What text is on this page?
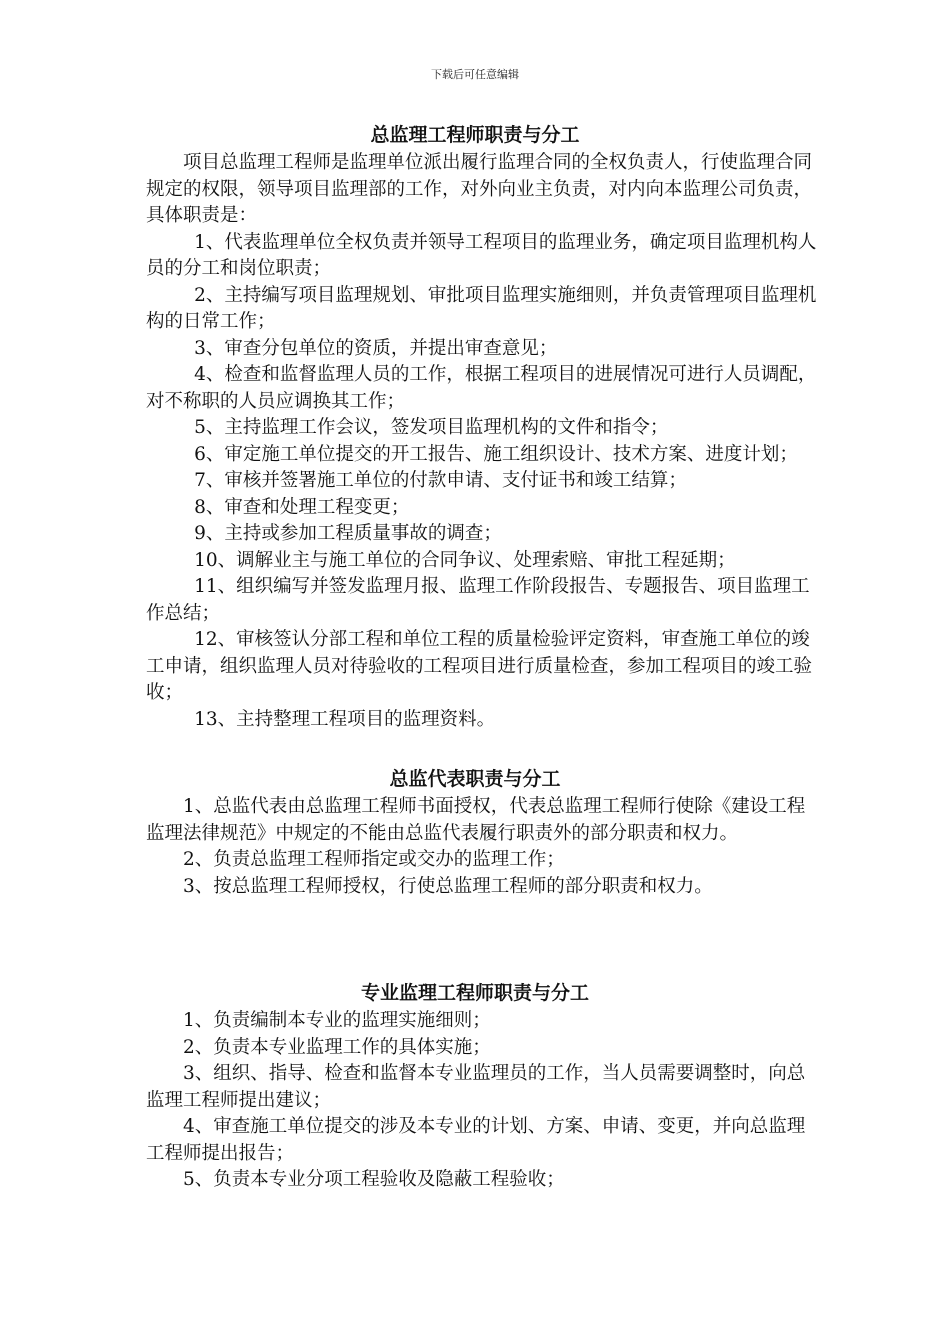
下载后可任意编辑
总监理工程师职责与分工

项目总监理工程师是监理单位派出履行监理合同的全权负责人，行使监理合同规定的权限，领导项目监理部的工作，对外向业主负责，对内向本监理公司负责，具体职责是：

1、代表监理单位全权负责并领导工程项目的监理业务，确定项目监理机构人员的分工和岗位职责；

2、主持编写项目监理规划、审批项目监理实施细则，并负责管理项目监理机构的日常工作；

3、审查分包单位的资质，并提出审查意见；

4、检查和监督监理人员的工作，根据工程项目的进展情况可进行人员调配，对不称职的人员应调换其工作；

5、主持监理工作会议，签发项目监理机构的文件和指令；

6、审定施工单位提交的开工报告、施工组织设计、技术方案、进度计划；

7、审核并签署施工单位的付款申请、支付证书和竣工结算；

8、审查和处理工程变更；

9、主持或参加工程质量事故的调查；

10、调解业主与施工单位的合同争议、处理索赔、审批工程延期；

11、组织编写并签发监理月报、监理工作阶段报告、专题报告、项目监理工作总结；

12、审核签认分部工程和单位工程的质量检验评定资料，审查施工单位的竣工申请，组织监理人员对待验收的工程项目进行质量检查，参加工程项目的竣工验收；

13、主持整理工程项目的监理资料。

总监代表职责与分工

1、总监代表由总监理工程师书面授权，代表总监理工程师行使除《建设工程监理法律规范》中规定的不能由总监代表履行职责外的部分职责和权力。

2、负责总监理工程师指定或交办的监理工作；

3、按总监理工程师授权，行使总监理工程师的部分职责和权力。

专业监理工程师职责与分工

1、负责编制本专业的监理实施细则；

2、负责本专业监理工作的具体实施；

3、组织、指导、检查和监督本专业监理员的工作，当人员需要调整时，向总监理工程师提出建议；

4、审查施工单位提交的涉及本专业的计划、方案、申请、变更，并向总监理工程师提出报告；

5、负责本专业分项工程验收及隐蔽工程验收；
